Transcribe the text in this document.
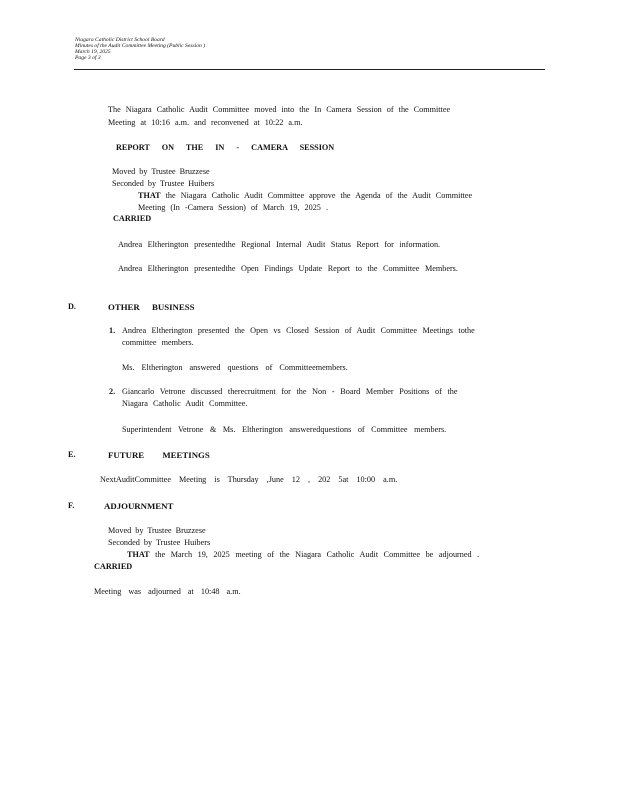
Niagara Catholic District School Board
Minutes of the Audit Committee Meeting (Public Session )
March 19, 2025
Page 3 of 3
The Niagara Catholic Audit Committee moved into the In Camera Session of the Committee
Meeting at 10:16 a.m. and reconvened at 10:22 a.m.
REPORT ON THE IN - CAMERA SESSION
Moved by Trustee Bruzzese
Seconded by Trustee Huibers
THAT the Niagara Catholic Audit Committee approve the Agenda of the Audit Committee
Meeting (In -Camera Session) of March 19, 2025 .
CARRIED
Andrea Eltherington presentedthe Regional Internal Audit Status Report for information.
Andrea Eltherington presentedthe Open Findings Update Report to the Committee Members.
D.	OTHER BUSINESS
1. Andrea Eltherington presented the Open vs Closed Session of Audit Committee Meetings tothe
committee members.
Ms. Eltherington answered questions of Committeemembers.
2. Giancarlo Vetrone discussed therecruitment for the Non - Board Member Positions of the
Niagara Catholic Audit Committee.
Superintendent Vetrone & Ms. Eltherington answeredquestions of Committee members.
E.	FUTURE MEETINGS
NextAuditCommittee Meeting is Thursday ,June 12 , 202 5at 10:00 a.m.
F.	ADJOURNMENT
Moved by Trustee Bruzzese
Seconded by Trustee Huibers
THAT the March 19, 2025 meeting of the Niagara Catholic Audit Committee be adjourned .
CARRIED
Meeting was adjourned at 10:48 a.m.
